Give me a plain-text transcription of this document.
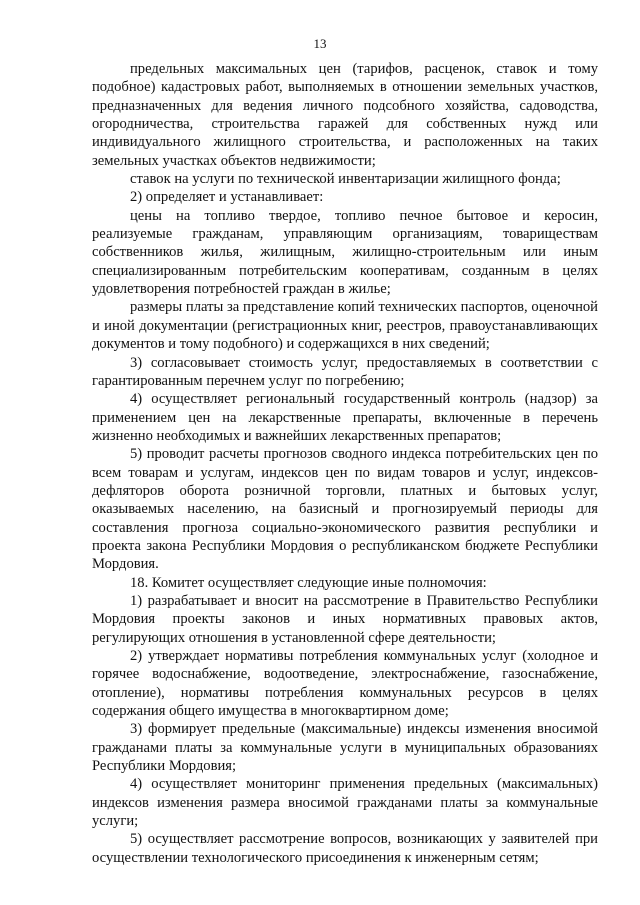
13

предельных максимальных цен (тарифов, расценок, ставок и тому подобное) кадастровых работ, выполняемых в отношении земельных участков, предназначенных для ведения личного подсобного хозяйства, садоводства, огородничества, строительства гаражей для собственных нужд или индивидуального жилищного строительства, и расположенных на таких земельных участках объектов недвижимости;

ставок на услуги по технической инвентаризации жилищного фонда;

2) определяет и устанавливает:

цены на топливо твердое, топливо печное бытовое и керосин, реализуемые гражданам, управляющим организациям, товариществам собственников жилья, жилищным, жилищно-строительным или иным специализированным потребительским кооперативам, созданным в целях удовлетворения потребностей граждан в жилье;

размеры платы за представление копий технических паспортов, оценочной и иной документации (регистрационных книг, реестров, правоустанавливающих документов и тому подобного) и содержащихся в них сведений;

3) согласовывает стоимость услуг, предоставляемых в соответствии с гарантированным перечнем услуг по погребению;

4) осуществляет региональный государственный контроль (надзор) за применением цен на лекарственные препараты, включенные в перечень жизненно необходимых и важнейших лекарственных препаратов;

5) проводит расчеты прогнозов сводного индекса потребительских цен по всем товарам и услугам, индексов цен по видам товаров и услуг, индексов-дефляторов оборота розничной торговли, платных и бытовых услуг, оказываемых населению, на базисный и прогнозируемый периоды для составления прогноза социально-экономического развития республики и проекта закона Республики Мордовия о республиканском бюджете Республики Мордовия.

18. Комитет осуществляет следующие иные полномочия:

1) разрабатывает и вносит на рассмотрение в Правительство Республики Мордовия проекты законов и иных нормативных правовых актов, регулирующих отношения в установленной сфере деятельности;

2) утверждает нормативы потребления коммунальных услуг (холодное и горячее водоснабжение, водоотведение, электроснабжение, газоснабжение, отопление), нормативы потребления коммунальных ресурсов в целях содержания общего имущества в многоквартирном доме;

3) формирует предельные (максимальные) индексы изменения вносимой гражданами платы за коммунальные услуги в муниципальных образованиях Республики Мордовия;

4) осуществляет мониторинг применения предельных (максимальных) индексов изменения размера вносимой гражданами платы за коммунальные услуги;

5) осуществляет рассмотрение вопросов, возникающих у заявителей при осуществлении технологического присоединения к инженерным сетям;
